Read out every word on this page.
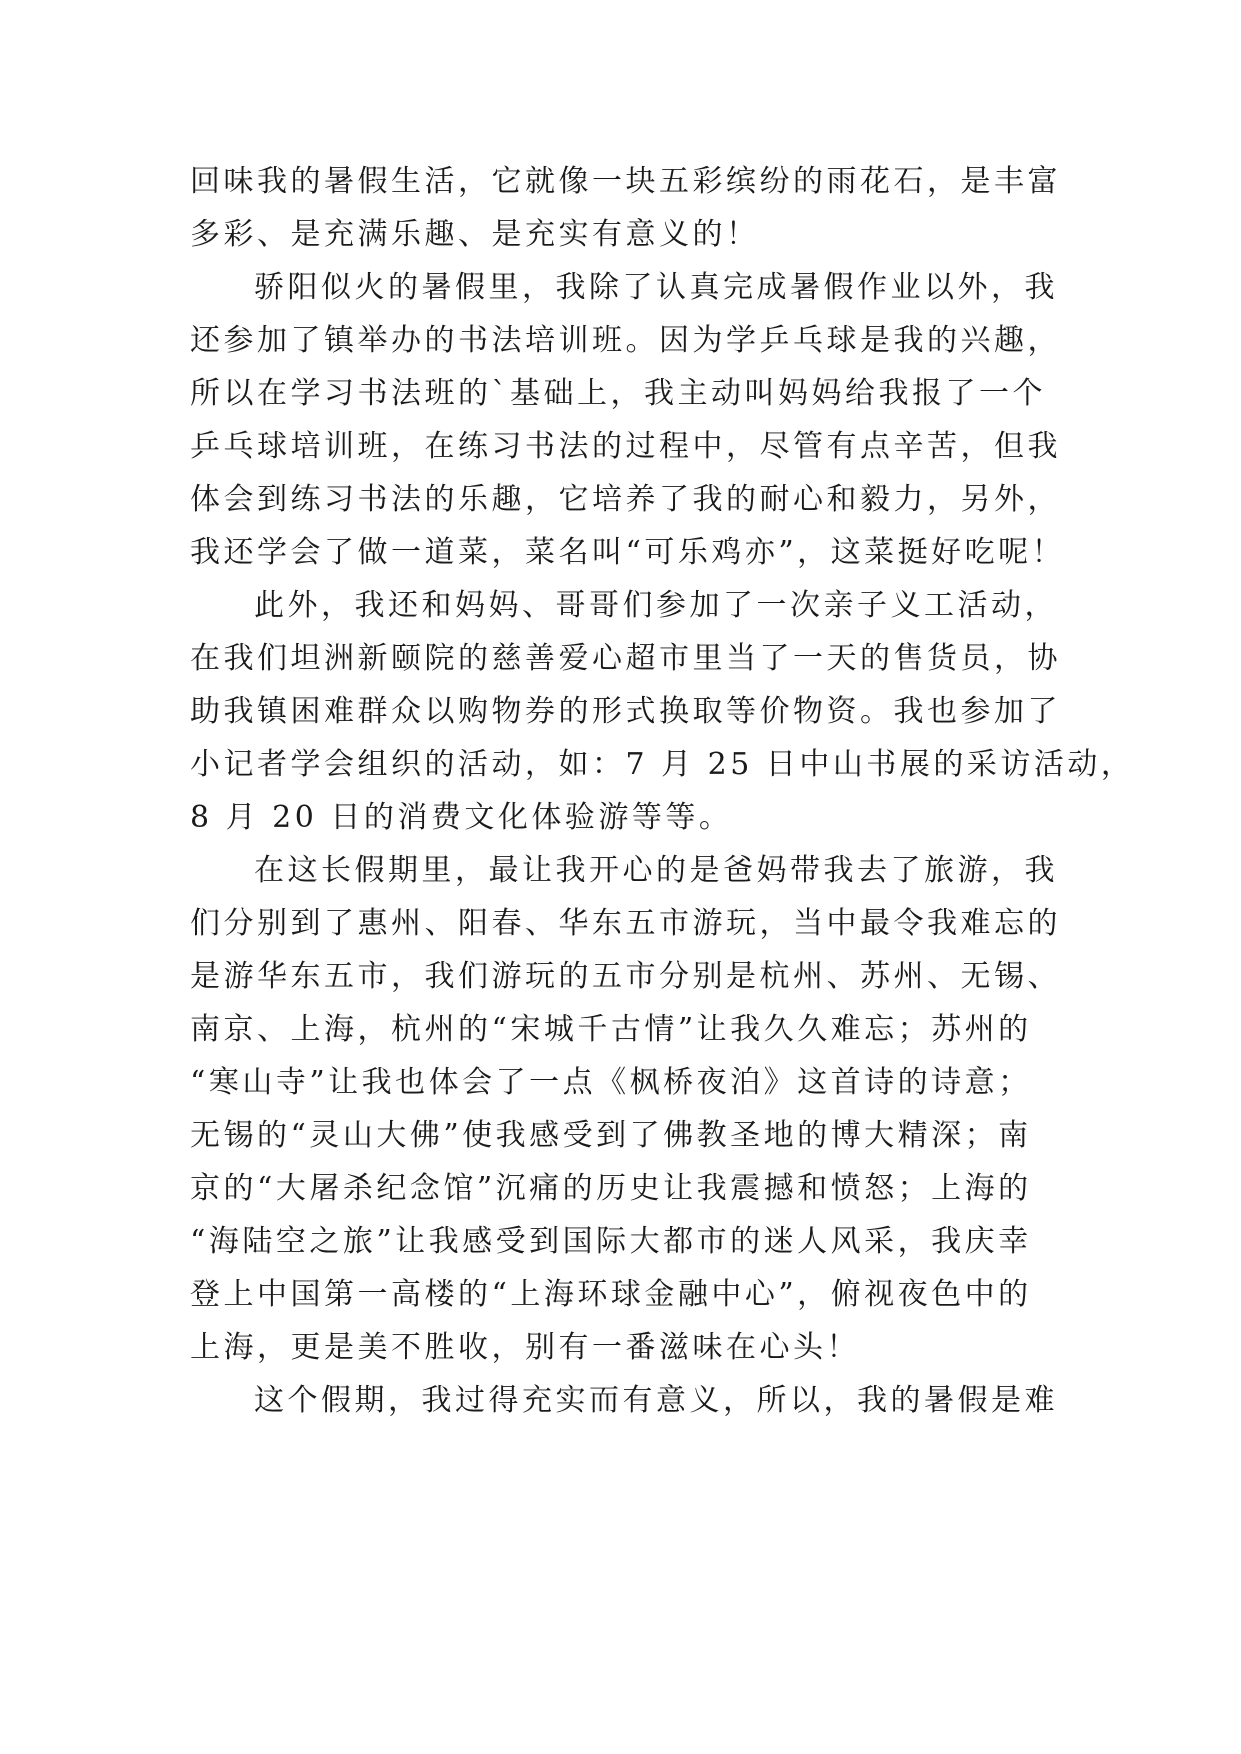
回味我的暑假生活，它就像一块五彩缤纷的雨花石，是丰富
多彩、是充满乐趣、是充实有意义的！
骄阳似火的暑假里，我除了认真完成暑假作业以外，我
还参加了镇举办的书法培训班。因为学乒乓球是我的兴趣，
所以在学习书法班的`基础上，我主动叫妈妈给我报了一个
乒乓球培训班，在练习书法的过程中，尽管有点辛苦，但我
体会到练习书法的乐趣，它培养了我的耐心和毅力，另外，
我还学会了做一道菜，菜名叫“可乐鸡亦”，这菜挺好吃呢！
此外，我还和妈妈、哥哥们参加了一次亲子义工活动，
在我们坦洲新颐院的慈善爱心超市里当了一天的售货员，协
助我镇困难群众以购物券的形式换取等价物资。我也参加了
小记者学会组织的活动，如：7 月 25 日中山书展的采访活动，
8 月 20 日的消费文化体验游等等。
在这长假期里，最让我开心的是爸妈带我去了旅游，我
们分别到了惠州、阳春、华东五市游玩，当中最令我难忘的
是游华东五市，我们游玩的五市分别是杭州、苏州、无锡、
南京、上海，杭州的“宋城千古情”让我久久难忘；苏州的
“寒山寺”让我也体会了一点《枫桥夜泊》这首诗的诗意；
无锡的“灵山大佛”使我感受到了佛教圣地的博大精深；南
京的“大屠杀纪念馆”沉痛的历史让我震撼和愤怒；上海的
“海陆空之旅”让我感受到国际大都市的迷人风采，我庆幸
登上中国第一高楼的“上海环球金融中心”，俯视夜色中的
上海，更是美不胜收，别有一番滋味在心头！
这个假期，我过得充实而有意义，所以，我的暑假是难
